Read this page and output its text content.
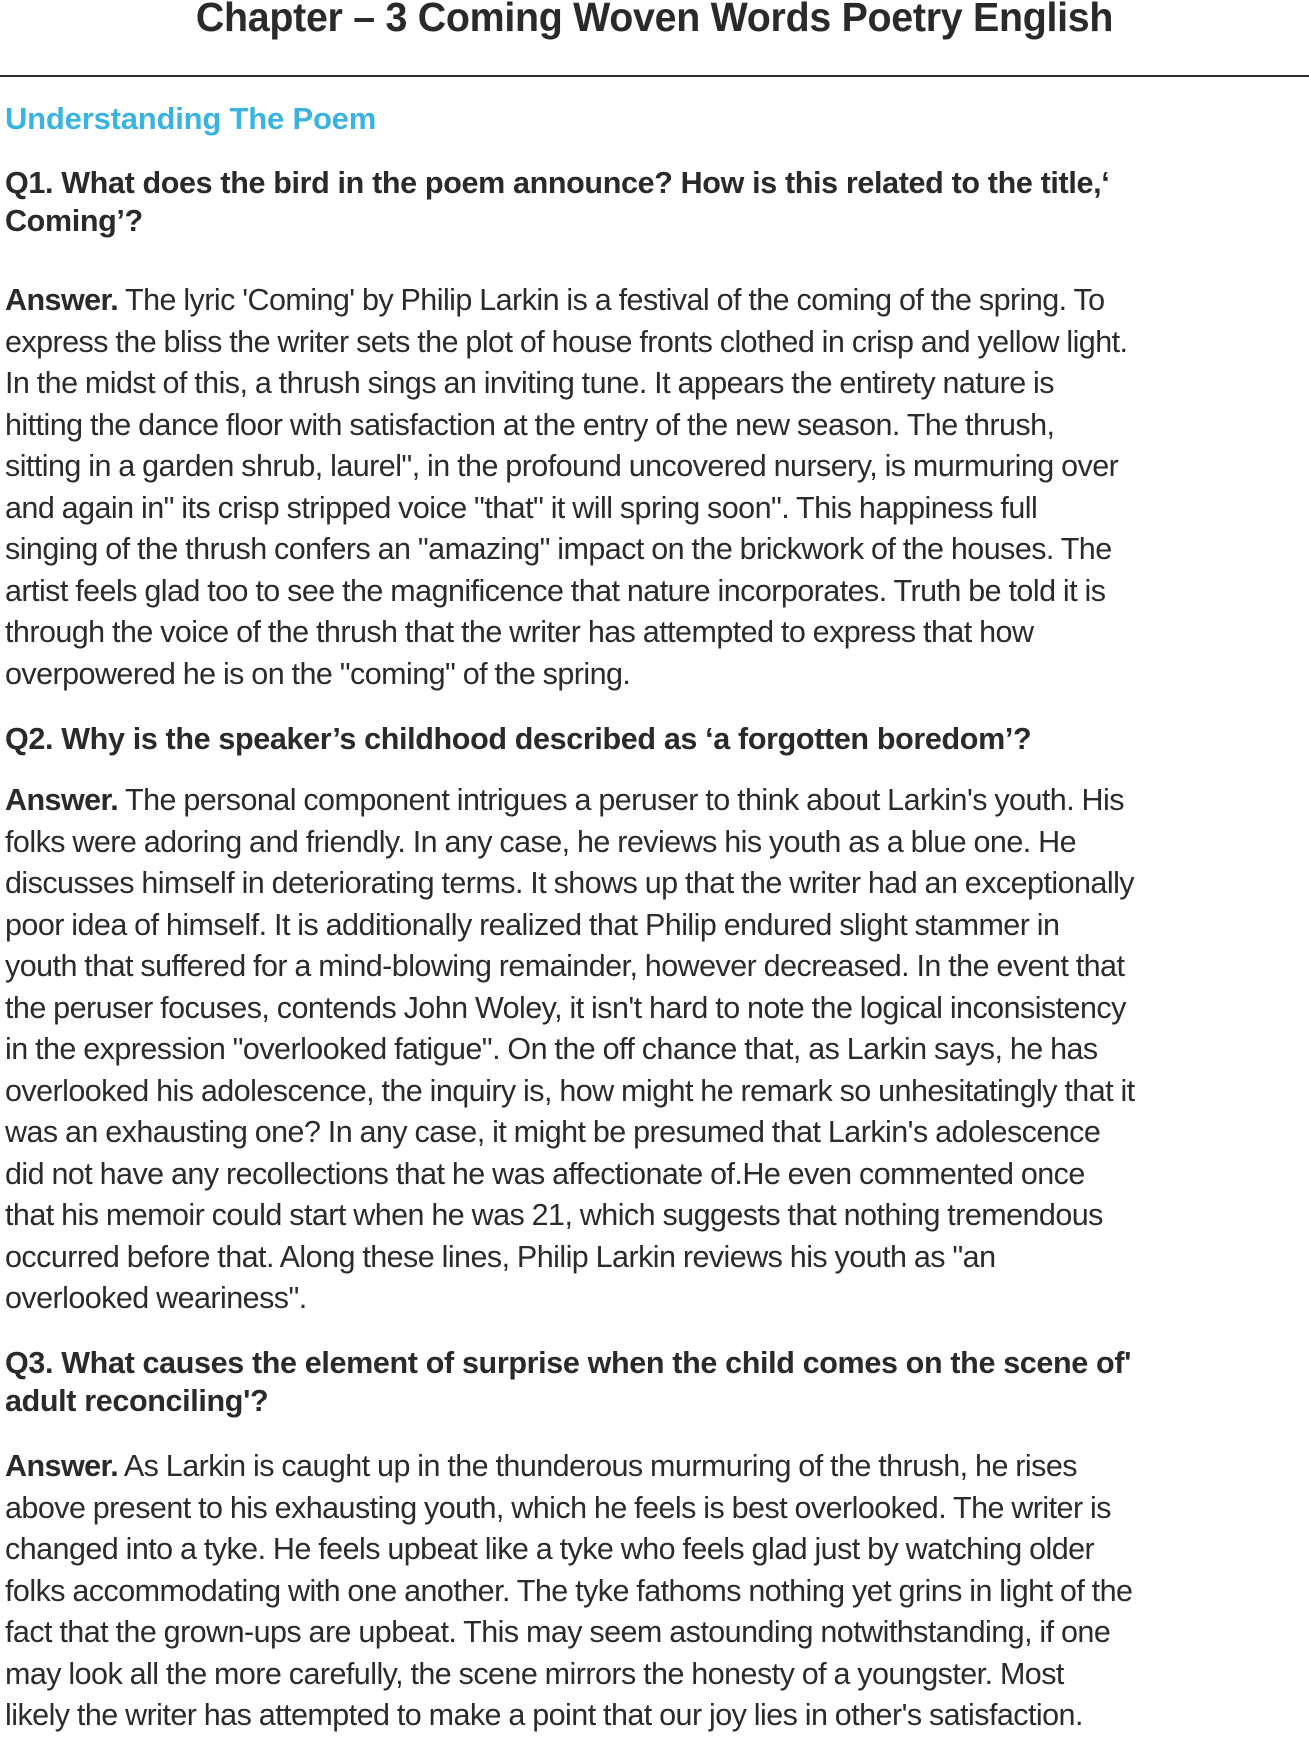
Chapter – 3 Coming Woven Words Poetry English
Understanding The Poem
Q1. What does the bird in the poem announce? How is this related to the title,‘
Coming’?
Answer. The lyric 'Coming' by Philip Larkin is a festival of the coming of the spring. To
express the bliss the writer sets the plot of house fronts clothed in crisp and yellow light.
In the midst of this, a thrush sings an inviting tune. It appears the entirety nature is
hitting the dance floor with satisfaction at the entry of the new season. The thrush,
sitting in a garden shrub, laurel", in the profound uncovered nursery, is murmuring over
and again in" its crisp stripped voice "that" it will spring soon". This happiness full
singing of the thrush confers an "amazing" impact on the brickwork of the houses. The
artist feels glad too to see the magnificence that nature incorporates. Truth be told it is
through the voice of the thrush that the writer has attempted to express that how
overpowered he is on the "coming" of the spring.
Q2. Why is the speaker’s childhood described as ‘a forgotten boredom’?
Answer. The personal component intrigues a peruser to think about Larkin's youth. His
folks were adoring and friendly. In any case, he reviews his youth as a blue one. He
discusses himself in deteriorating terms. It shows up that the writer had an exceptionally
poor idea of himself. It is additionally realized that Philip endured slight stammer in
youth that suffered for a mind-blowing remainder, however decreased. In the event that
the peruser focuses, contends John Woley, it isn't hard to note the logical inconsistency
in the expression "overlooked fatigue". On the off chance that, as Larkin says, he has
overlooked his adolescence, the inquiry is, how might he remark so unhesitatingly that it
was an exhausting one? In any case, it might be presumed that Larkin's adolescence
did not have any recollections that he was affectionate of.He even commented once
that his memoir could start when he was 21, which suggests that nothing tremendous
occurred before that. Along these lines, Philip Larkin reviews his youth as "an
overlooked weariness".
Q3. What causes the element of surprise when the child comes on the scene of'
adult reconciling'?
Answer. As Larkin is caught up in the thunderous murmuring of the thrush, he rises
above present to his exhausting youth, which he feels is best overlooked. The writer is
changed into a tyke. He feels upbeat like a tyke who feels glad just by watching older
folks accommodating with one another. The tyke fathoms nothing yet grins in light of the
fact that the grown-ups are upbeat. This may seem astounding notwithstanding, if one
may look all the more carefully, the scene mirrors the honesty of a youngster. Most
likely the writer has attempted to make a point that our joy lies in other's satisfaction.
